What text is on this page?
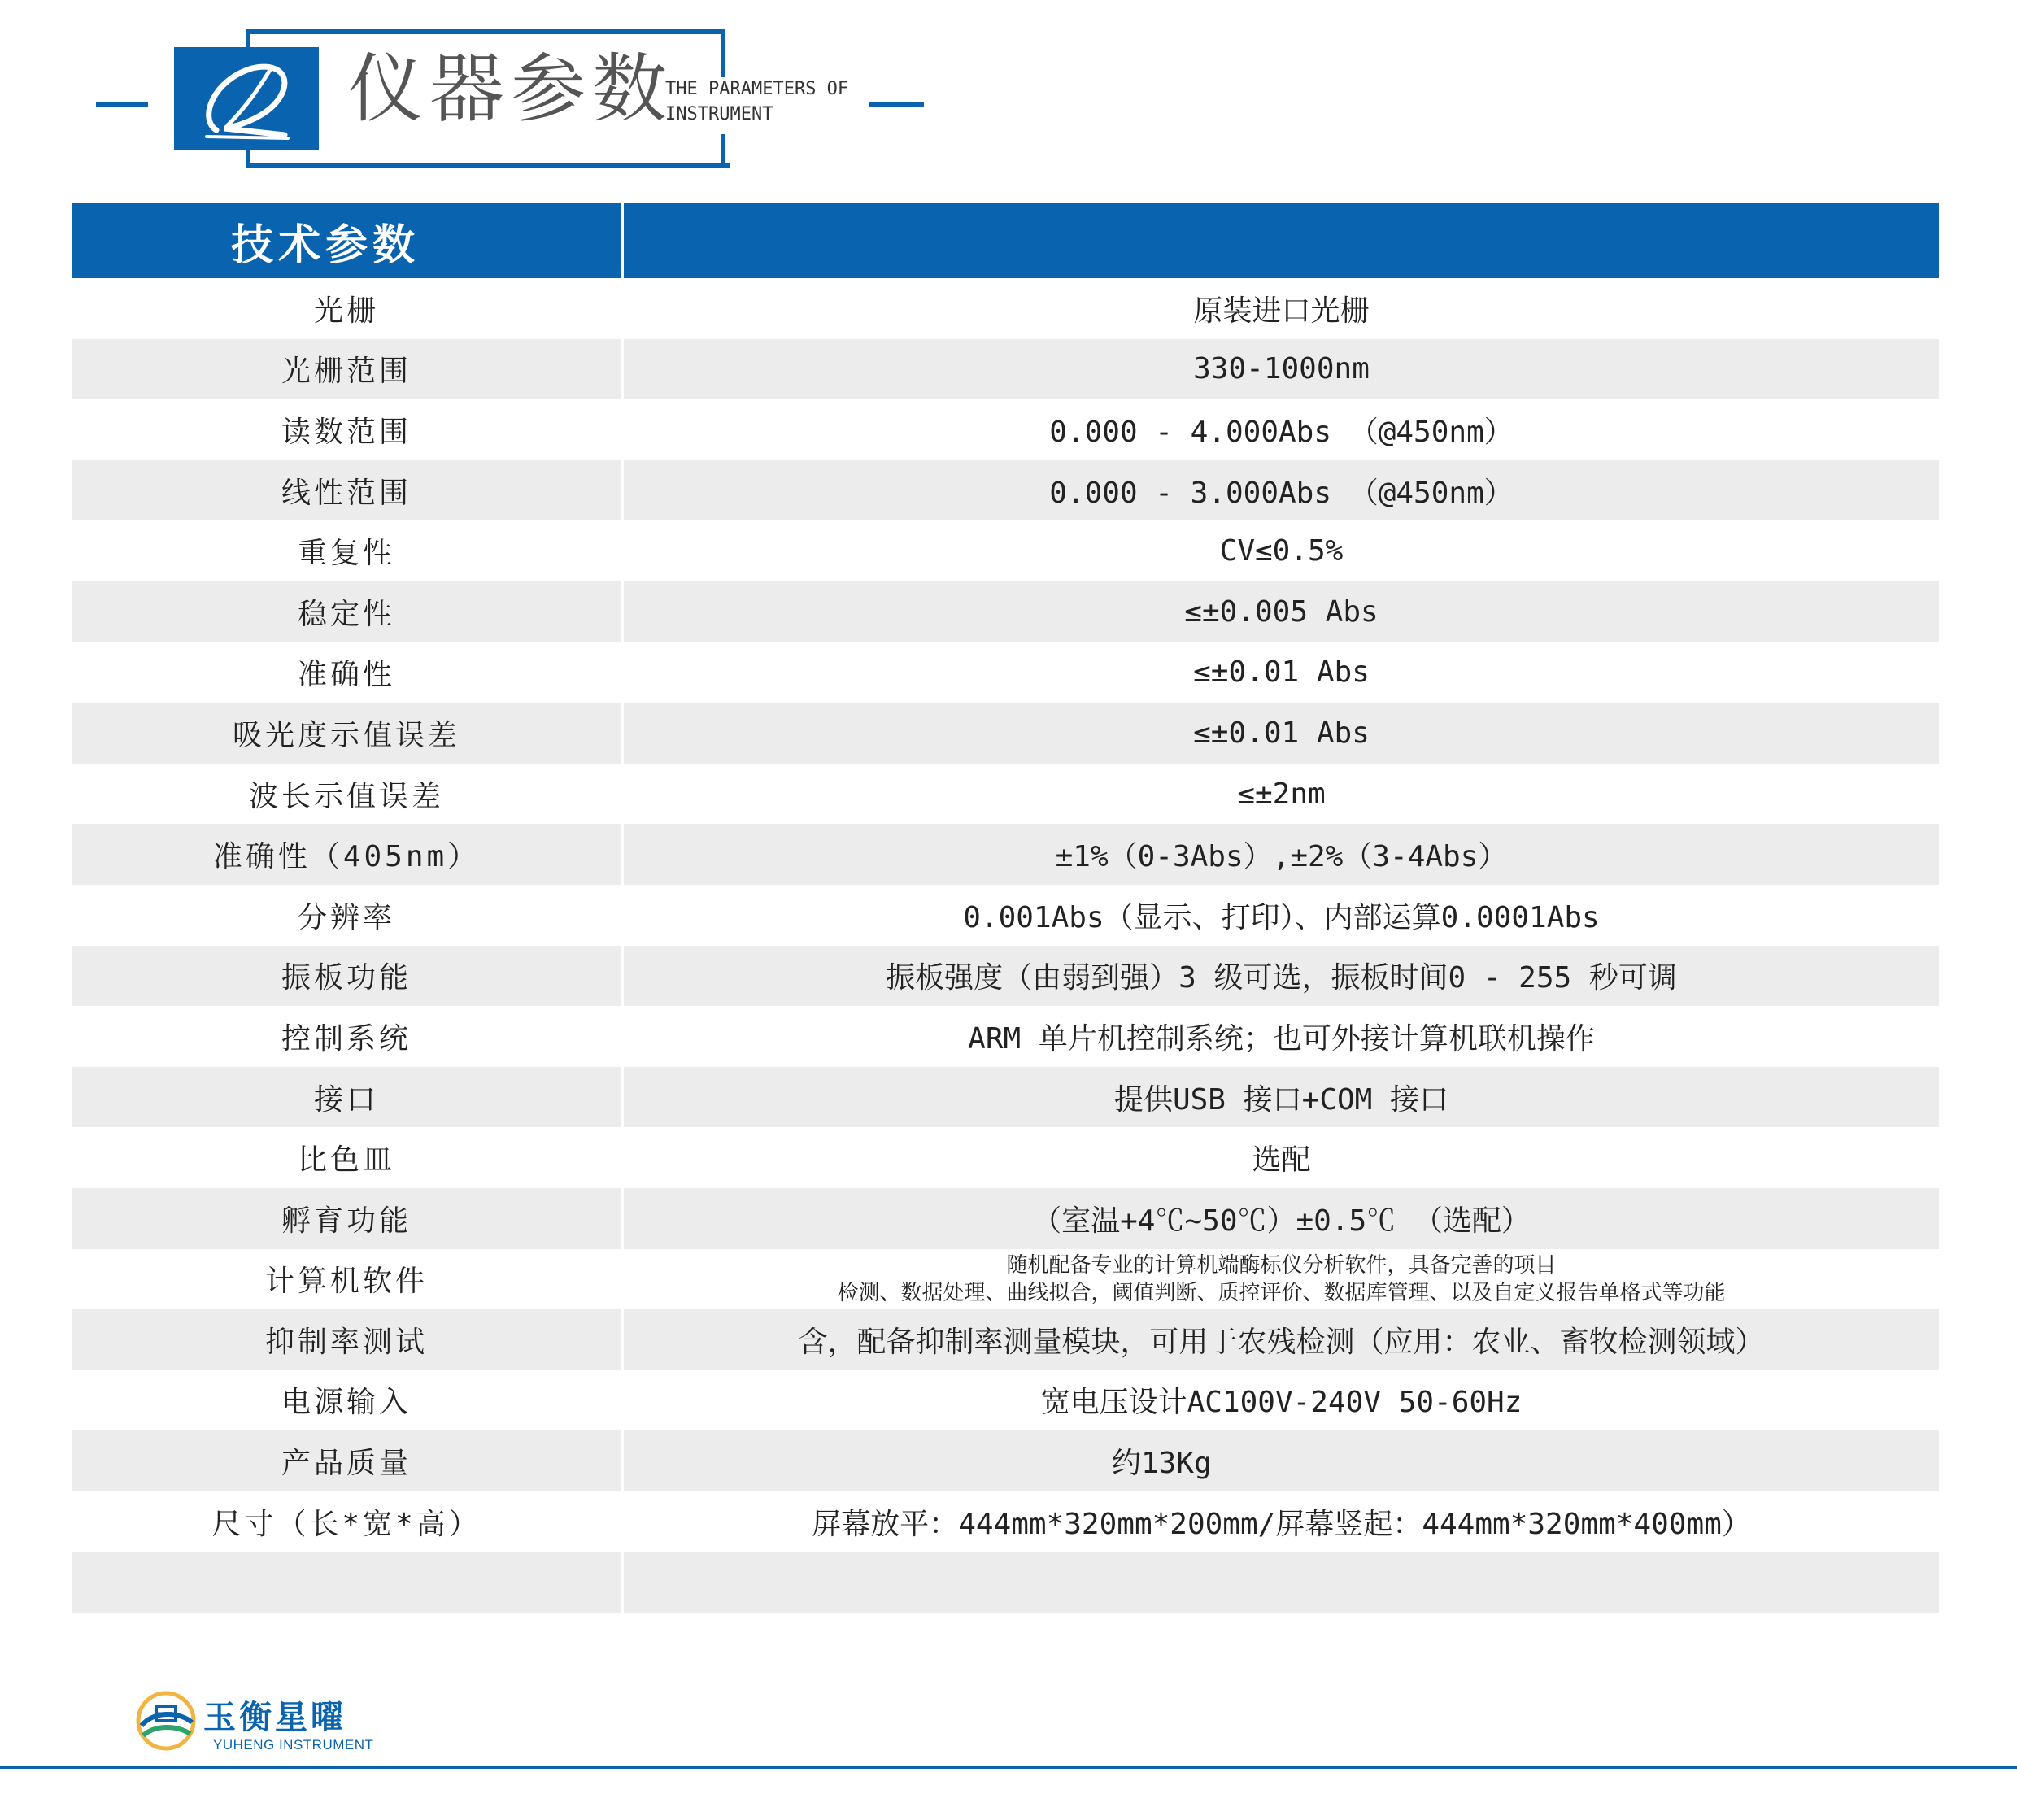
仪器参数
THE PARAMETERS OF
INSTRUMENT
技术参数
光栅	原装进口光栅
光栅范围	330-1000nm
读数范围	0.000 - 4.000Abs （@450nm）
线性范围	0.000 - 3.000Abs （@450nm）
重复性	CV≤0.5%
稳定性	≤±0.005 Abs
准确性	≤±0.01 Abs
吸光度示值误差	≤±0.01 Abs
波长示值误差	≤±2nm
准确性（405nm）	±1%（0-3Abs）,±2%（3-4Abs）
分辨率	0.001Abs（显示、打印）、内部运算0.0001Abs
振板功能	振板强度（由弱到强）3 级可选，振板时间0 - 255 秒可调
控制系统	ARM 单片机控制系统；也可外接计算机联机操作
接口	提供USB 接口+COM 接口
比色皿	选配
孵育功能	（室温+4℃~50℃）±0.5℃ （选配）
计算机软件	随机配备专业的计算机端酶标仪分析软件，具备完善的项目
检测、数据处理、曲线拟合，阈值判断、质控评价、数据库管理、以及自定义报告单格式等功能
抑制率测试	含，配备抑制率测量模块，可用于农残检测（应用：农业、畜牧检测领域）
电源输入	宽电压设计AC100V-240V 50-60Hz
产品质量	约13Kg
尺寸（长*宽*高）	屏幕放平：444mm*320mm*200mm/屏幕竖起：444mm*320mm*400mm）
玉衡星曜
YUHENG INSTRUMENT
